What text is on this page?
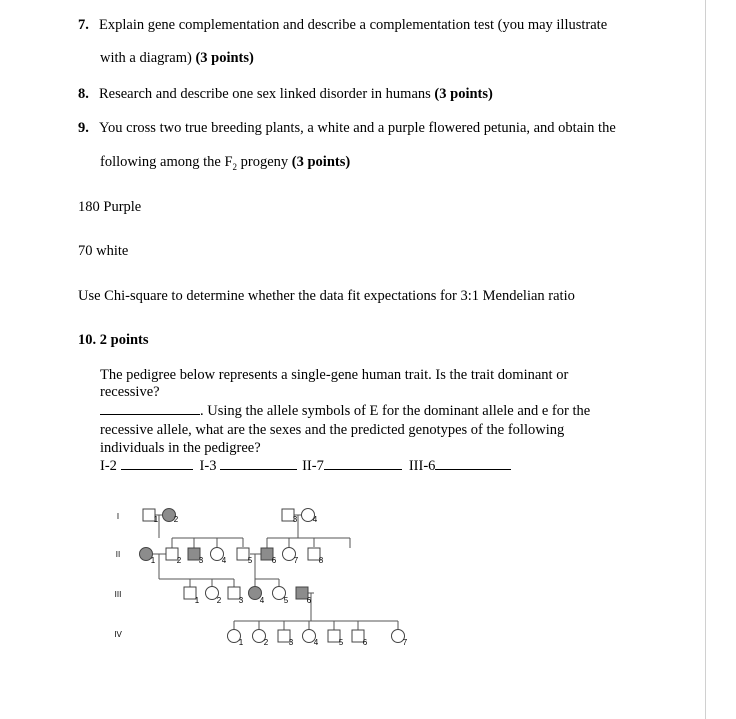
7. Explain gene complementation and describe a complementation test (you may illustrate
with a diagram) (3 points)
8. Research and describe one sex linked disorder in humans (3 points)
9. You cross two true breeding plants, a white and a purple flowered petunia, and obtain the
following among the $F_2$ progeny (3 points)
180 Purple
70 white
Use Chi-square to determine whether the data fit expectations for 3:1 Mendelian ratio
10. 2 points
The pedigree below represents a single-gene human trait. Is the trait dominant or
recessive?
. Using the allele symbols of E for the dominant allele and e for the
recessive allele, what are the sexes and the predicted genotypes of the following
individuals in the pedigree?
I-2	I-3	II-7	III-6
1 2	3 4
1	2 3 4	5 6 7	8
1 2 3 4 5 6
1	2	3	4	5 6	7
I
II
III
IV
